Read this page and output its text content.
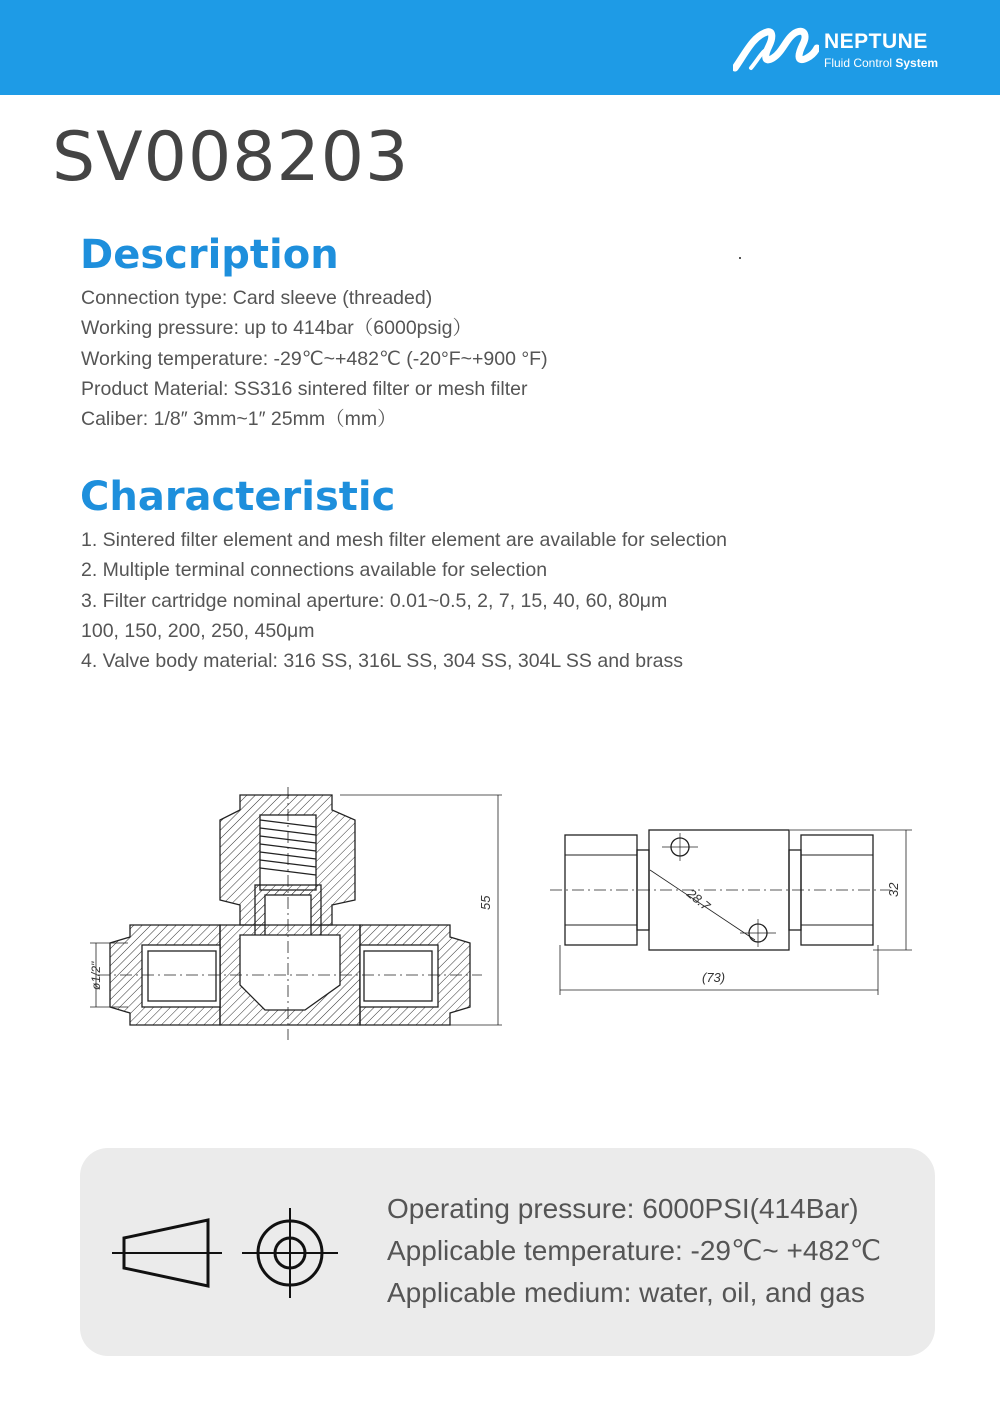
NEPTUNE
Fluid Control System
SV008203
Description
Connection type: Card sleeve (threaded)
Working pressure: up to 414bar（6000psig）
Working temperature: -29℃~+482℃ (-20°F~+900 °F)
Product Material: SS316 sintered filter or mesh filter
Caliber: 1/8″ 3mm~1″ 25mm（mm）
Characteristic
1. Sintered filter element and mesh filter element are available for selection
2. Multiple terminal connections available for selection
3. Filter cartridge nominal aperture: 0.01~0.5, 2, 7, 15, 40, 60, 80μm
100, 150, 200, 250, 450μm
4. Valve body material: 316 SS, 316L SS, 304 SS, 304L SS and brass
55
ø1/2"
32
28.7
(73)
Operating pressure: 6000PSI(414Bar)
Applicable temperature: -29℃~ +482℃
Applicable medium: water, oil, and gas
